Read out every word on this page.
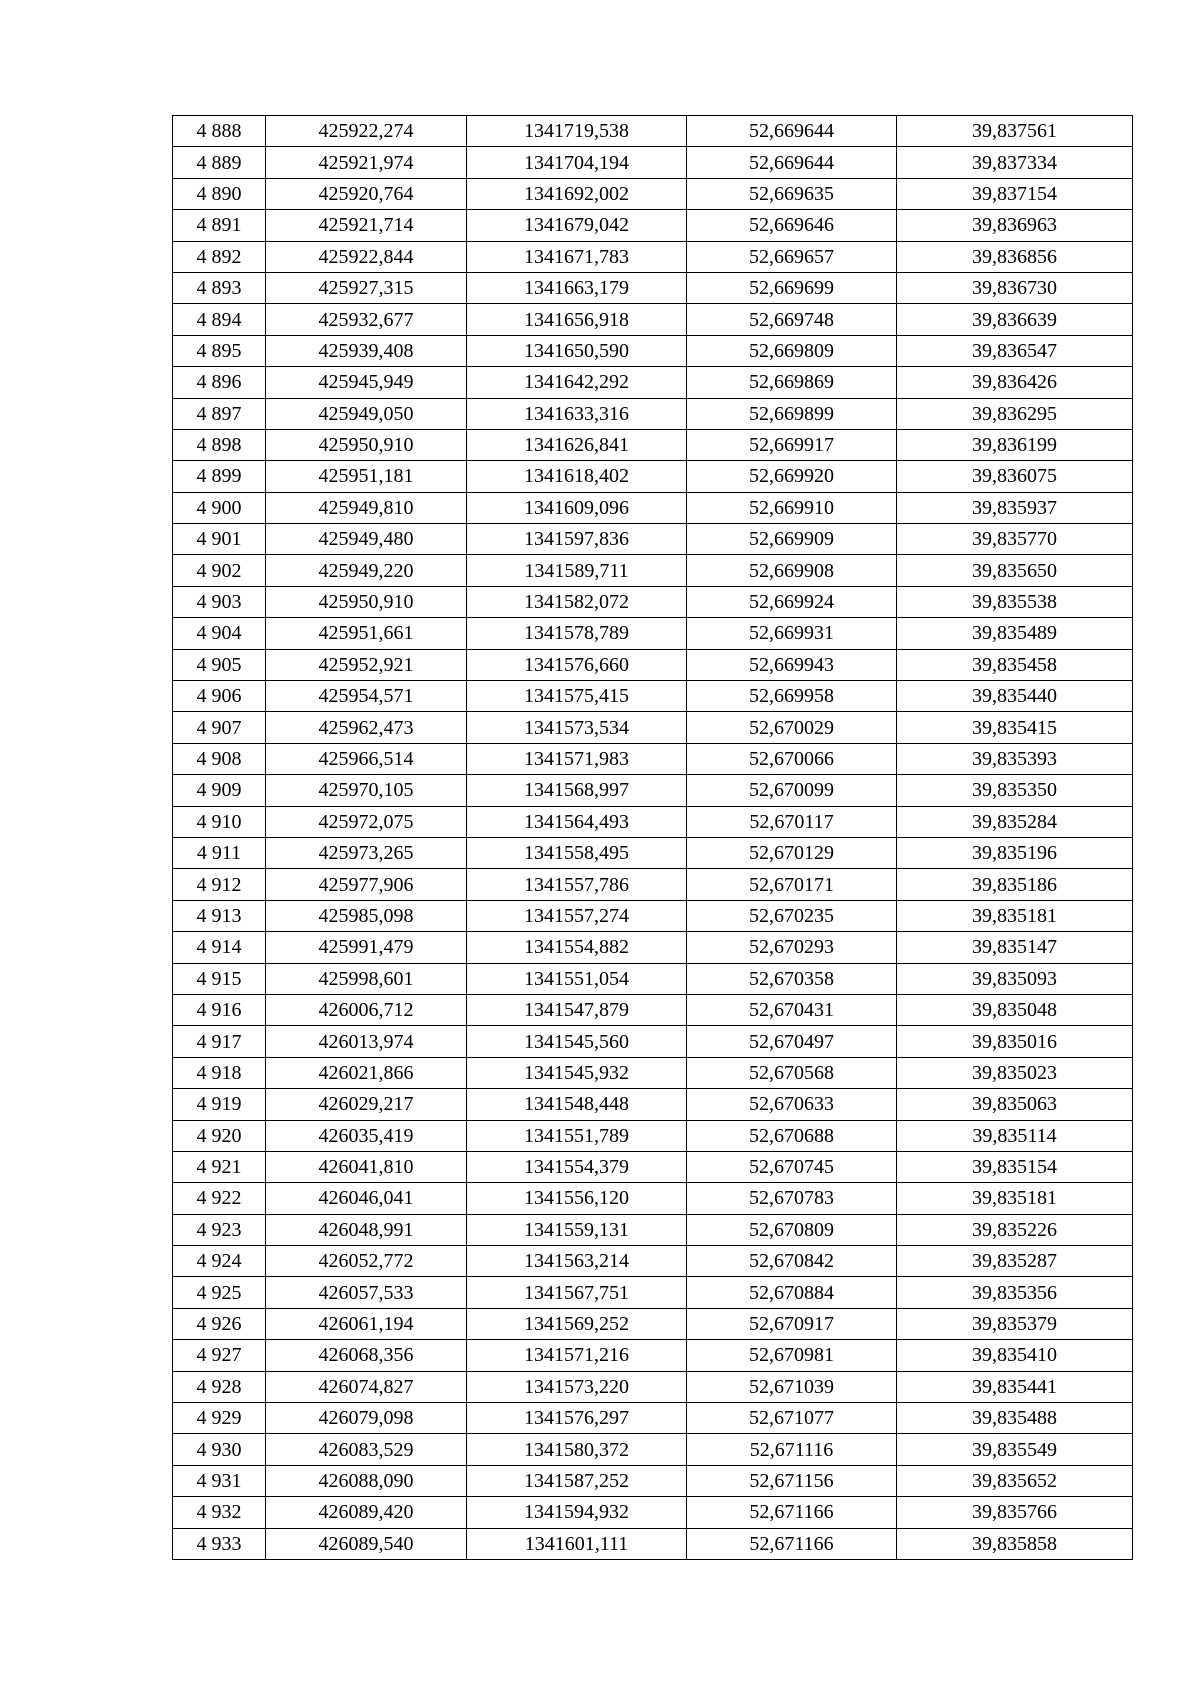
4 888	425922,274	1341719,538	52,669644	39,837561
4 889	425921,974	1341704,194	52,669644	39,837334
4 890	425920,764	1341692,002	52,669635	39,837154
4 891	425921,714	1341679,042	52,669646	39,836963
4 892	425922,844	1341671,783	52,669657	39,836856
4 893	425927,315	1341663,179	52,669699	39,836730
4 894	425932,677	1341656,918	52,669748	39,836639
4 895	425939,408	1341650,590	52,669809	39,836547
4 896	425945,949	1341642,292	52,669869	39,836426
4 897	425949,050	1341633,316	52,669899	39,836295
4 898	425950,910	1341626,841	52,669917	39,836199
4 899	425951,181	1341618,402	52,669920	39,836075
4 900	425949,810	1341609,096	52,669910	39,835937
4 901	425949,480	1341597,836	52,669909	39,835770
4 902	425949,220	1341589,711	52,669908	39,835650
4 903	425950,910	1341582,072	52,669924	39,835538
4 904	425951,661	1341578,789	52,669931	39,835489
4 905	425952,921	1341576,660	52,669943	39,835458
4 906	425954,571	1341575,415	52,669958	39,835440
4 907	425962,473	1341573,534	52,670029	39,835415
4 908	425966,514	1341571,983	52,670066	39,835393
4 909	425970,105	1341568,997	52,670099	39,835350
4 910	425972,075	1341564,493	52,670117	39,835284
4 911	425973,265	1341558,495	52,670129	39,835196
4 912	425977,906	1341557,786	52,670171	39,835186
4 913	425985,098	1341557,274	52,670235	39,835181
4 914	425991,479	1341554,882	52,670293	39,835147
4 915	425998,601	1341551,054	52,670358	39,835093
4 916	426006,712	1341547,879	52,670431	39,835048
4 917	426013,974	1341545,560	52,670497	39,835016
4 918	426021,866	1341545,932	52,670568	39,835023
4 919	426029,217	1341548,448	52,670633	39,835063
4 920	426035,419	1341551,789	52,670688	39,835114
4 921	426041,810	1341554,379	52,670745	39,835154
4 922	426046,041	1341556,120	52,670783	39,835181
4 923	426048,991	1341559,131	52,670809	39,835226
4 924	426052,772	1341563,214	52,670842	39,835287
4 925	426057,533	1341567,751	52,670884	39,835356
4 926	426061,194	1341569,252	52,670917	39,835379
4 927	426068,356	1341571,216	52,670981	39,835410
4 928	426074,827	1341573,220	52,671039	39,835441
4 929	426079,098	1341576,297	52,671077	39,835488
4 930	426083,529	1341580,372	52,671116	39,835549
4 931	426088,090	1341587,252	52,671156	39,835652
4 932	426089,420	1341594,932	52,671166	39,835766
4 933	426089,540	1341601,111	52,671166	39,835858
